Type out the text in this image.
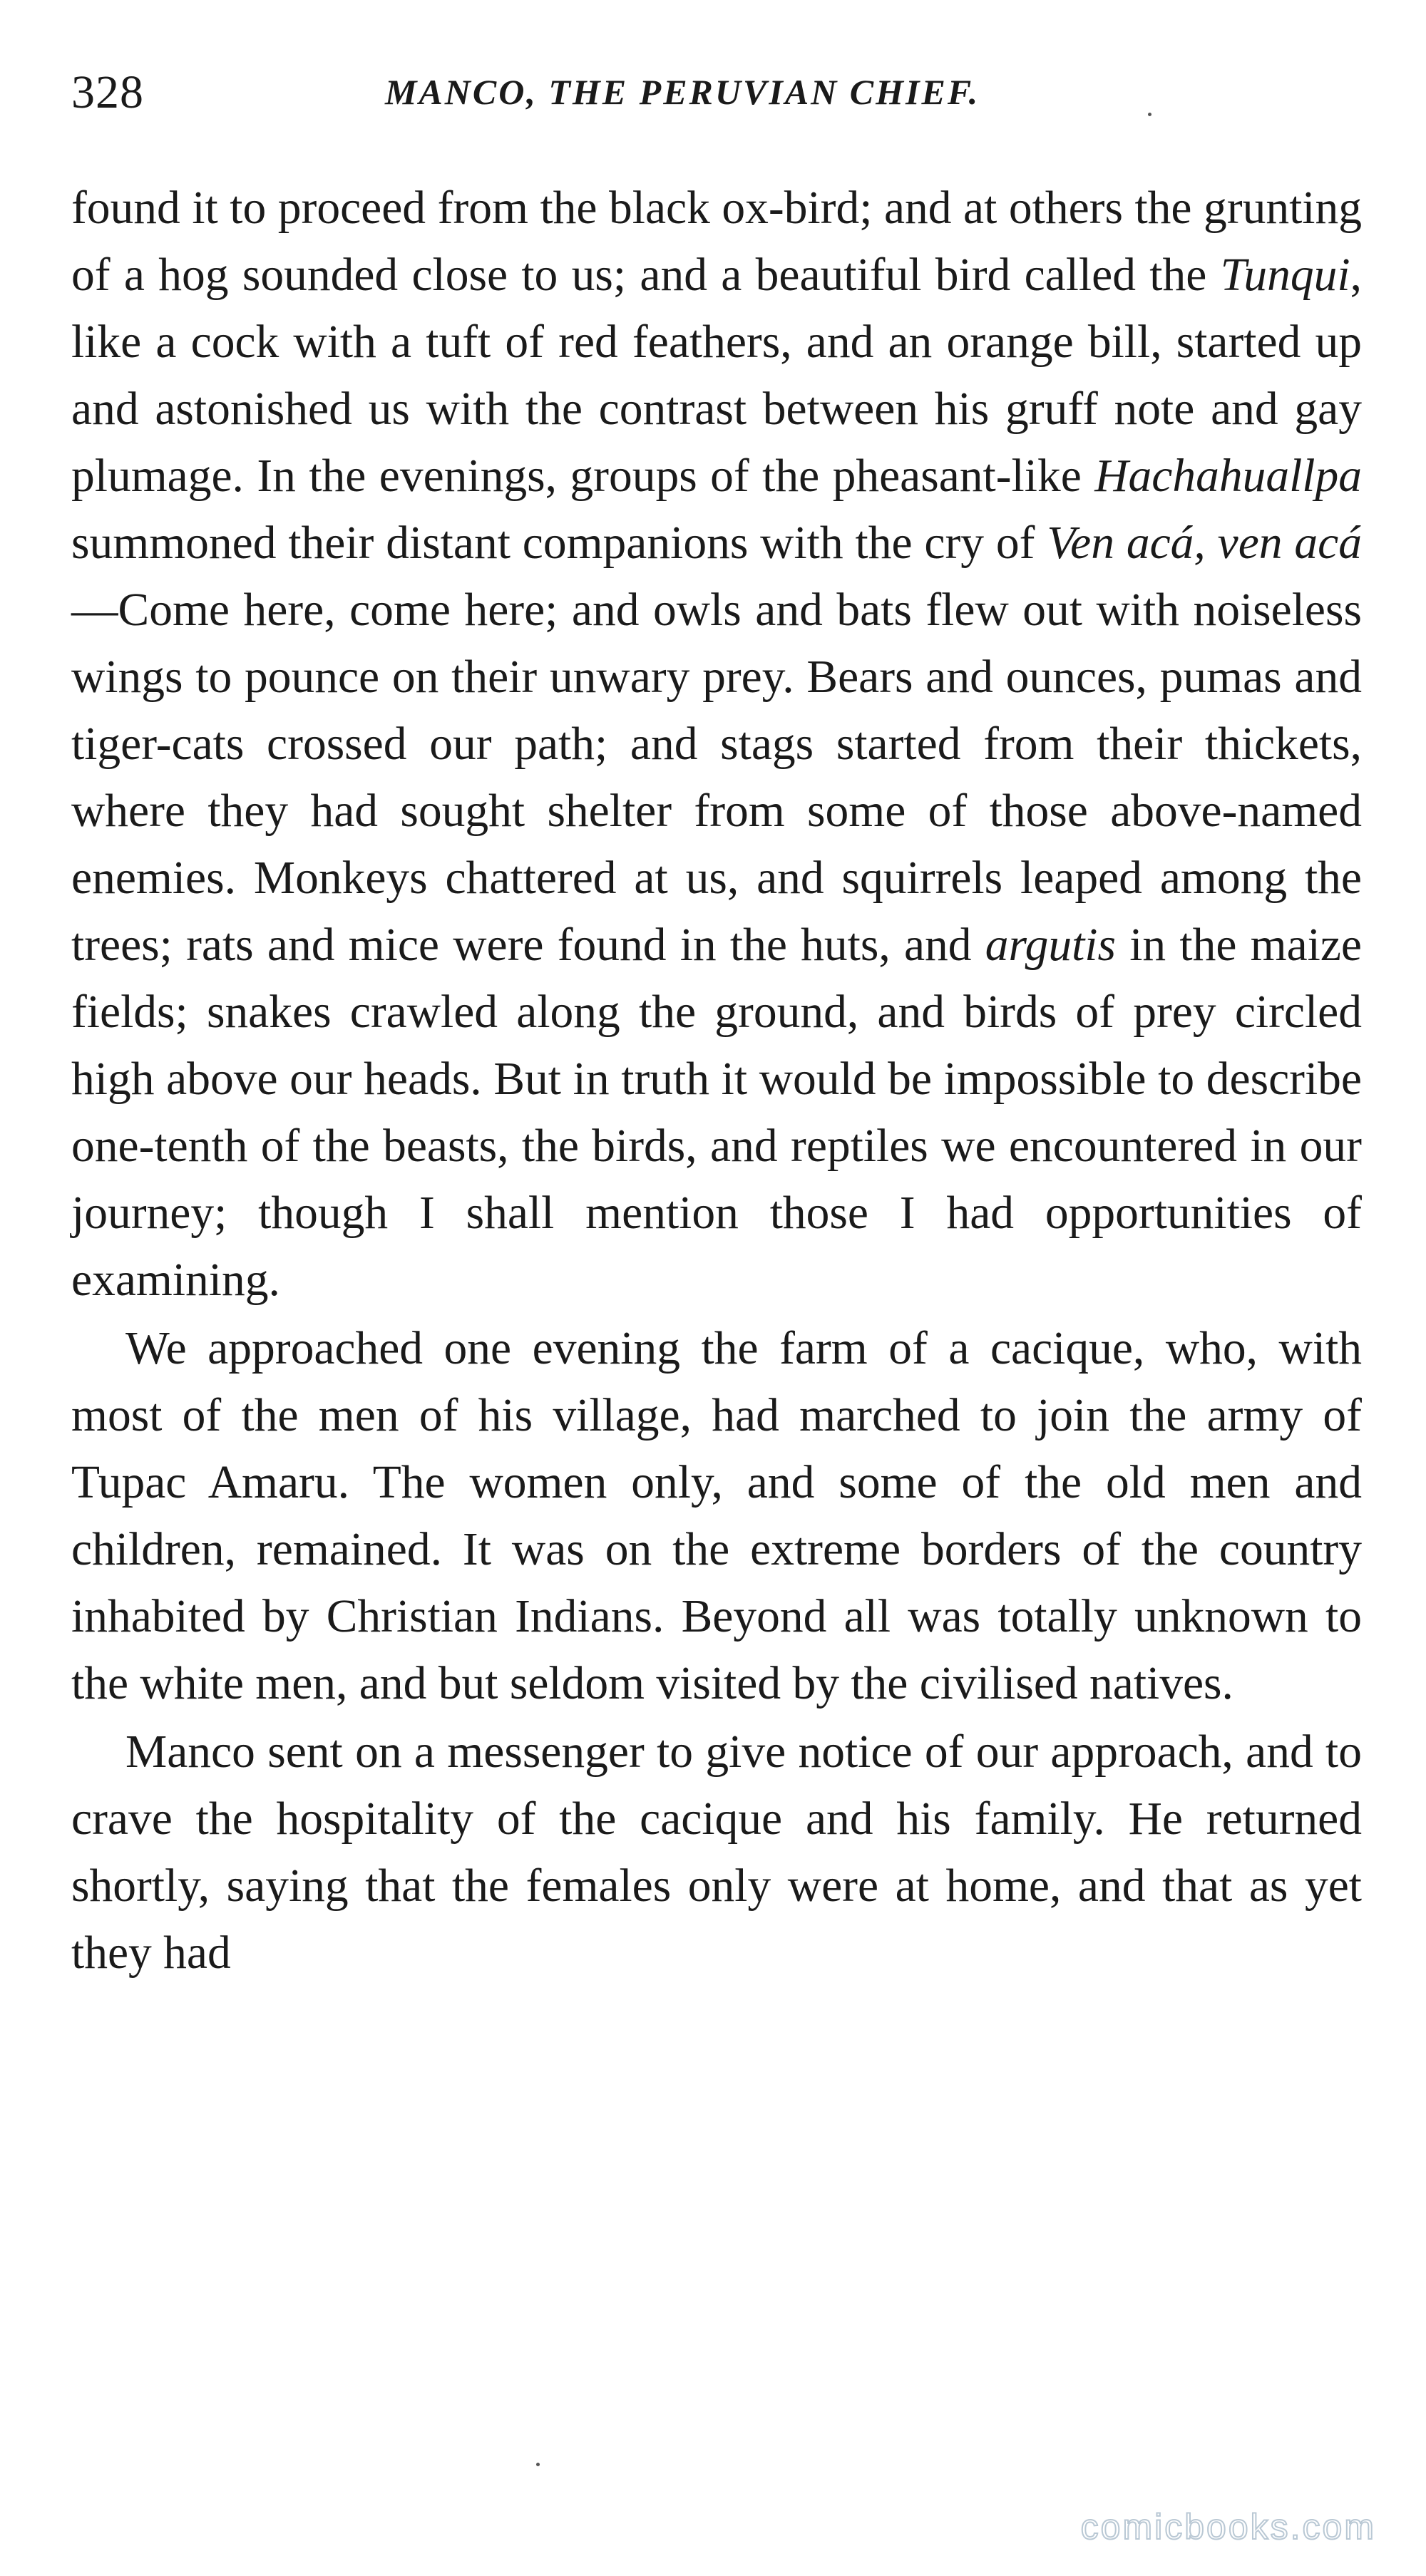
328	MANCO, THE PERUVIAN CHIEF.

found it to proceed from the black ox-bird; and at others the grunting of a hog sounded close to us; and a beautiful bird called the Tunqui, like a cock with a tuft of red feathers, and an orange bill, started up and astonished us with the contrast between his gruff note and gay plumage. In the evenings, groups of the pheasant-like Hachahuallpa summoned their distant companions with the cry of Ven acá, ven acá—Come here, come here; and owls and bats flew out with noiseless wings to pounce on their unwary prey. Bears and ounces, pumas and tiger-cats crossed our path; and stags started from their thickets, where they had sought shelter from some of those above-named enemies. Monkeys chattered at us, and squirrels leaped among the trees; rats and mice were found in the huts, and argutis in the maize fields; snakes crawled along the ground, and birds of prey circled high above our heads. But in truth it would be impossible to describe one-tenth of the beasts, the birds, and reptiles we encountered in our journey; though I shall mention those I had opportunities of examining.

We approached one evening the farm of a cacique, who, with most of the men of his village, had marched to join the army of Tupac Amaru. The women only, and some of the old men and children, remained. It was on the extreme borders of the country inhabited by Christian Indians. Beyond all was totally unknown to the white men, and but seldom visited by the civilised natives.

Manco sent on a messenger to give notice of our approach, and to crave the hospitality of the cacique and his family. He returned shortly, saying that the females only were at home, and that as yet they had

comicbooks.com
